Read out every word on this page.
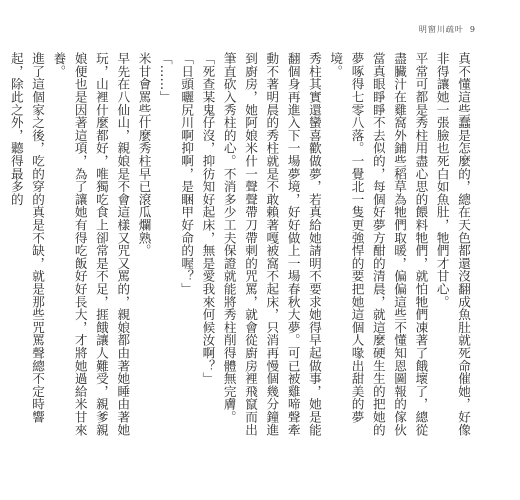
明窗川疏叶 9

真不懂這些蠢是怎麼的，總在天色都還沒翻成魚肚就死命催她，好像非得讓她一張臉也死白如魚肚，牠們才甘心。

平常可都是秀柱用盡心思的餵料牠們，就怕牠們凍著了餓壞了，總從盡臟汁在雞窩外鋪些稻草為牠們取暖，偏偏這些不懂知恩圖報的傢伙當真眼睜睜不去似的，每個好夢方酣的清晨，就這麼硬生生的把她的夢啄得七零八落。一覺北一隻更強悍的要把她這個人喙出甜美的夢境。

秀柱其實還蠻喜歡做夢，若真給她請明不要求她得早起做事，她是能翻個身再進入下一場夢境，好好做上一場春秋大夢。可已被雞啼聲牽動不著明晨的秀柱就是不敢賴著嘎被窩不起床，只消再慢個幾分鐘進到廚房，她阿娘米什一聲聲帶刀帶刺的咒罵，就會從廚房裡飛竄而出筆直砍入秀柱的心。不消多少工夫保證就能將秀柱削得體無完膚。

「死查某鬼仔沒，抑彷知好起床，無是愛我來何候汝啊？」

「日頭曬尻川啊抑啊，是睏甲好命的喔？」

「……」

米甘會罵些什麼秀柱早已滾瓜爛熟。

早先在八仙山，親娘是不會這樣又咒又罵的，親娘都由著她睡由著她玩，山裡什麼都好，唯獨吃食上卻常是不足，捱餓讓人難受，親爹親娘便也是因著這項，為了讓她有得吃飯好好長大，才將她過給米甘來養。

進了這個家之後，吃的穿的真是不缺，就是那些咒罵聲總不定時響起，除此之外，聽得最多的
